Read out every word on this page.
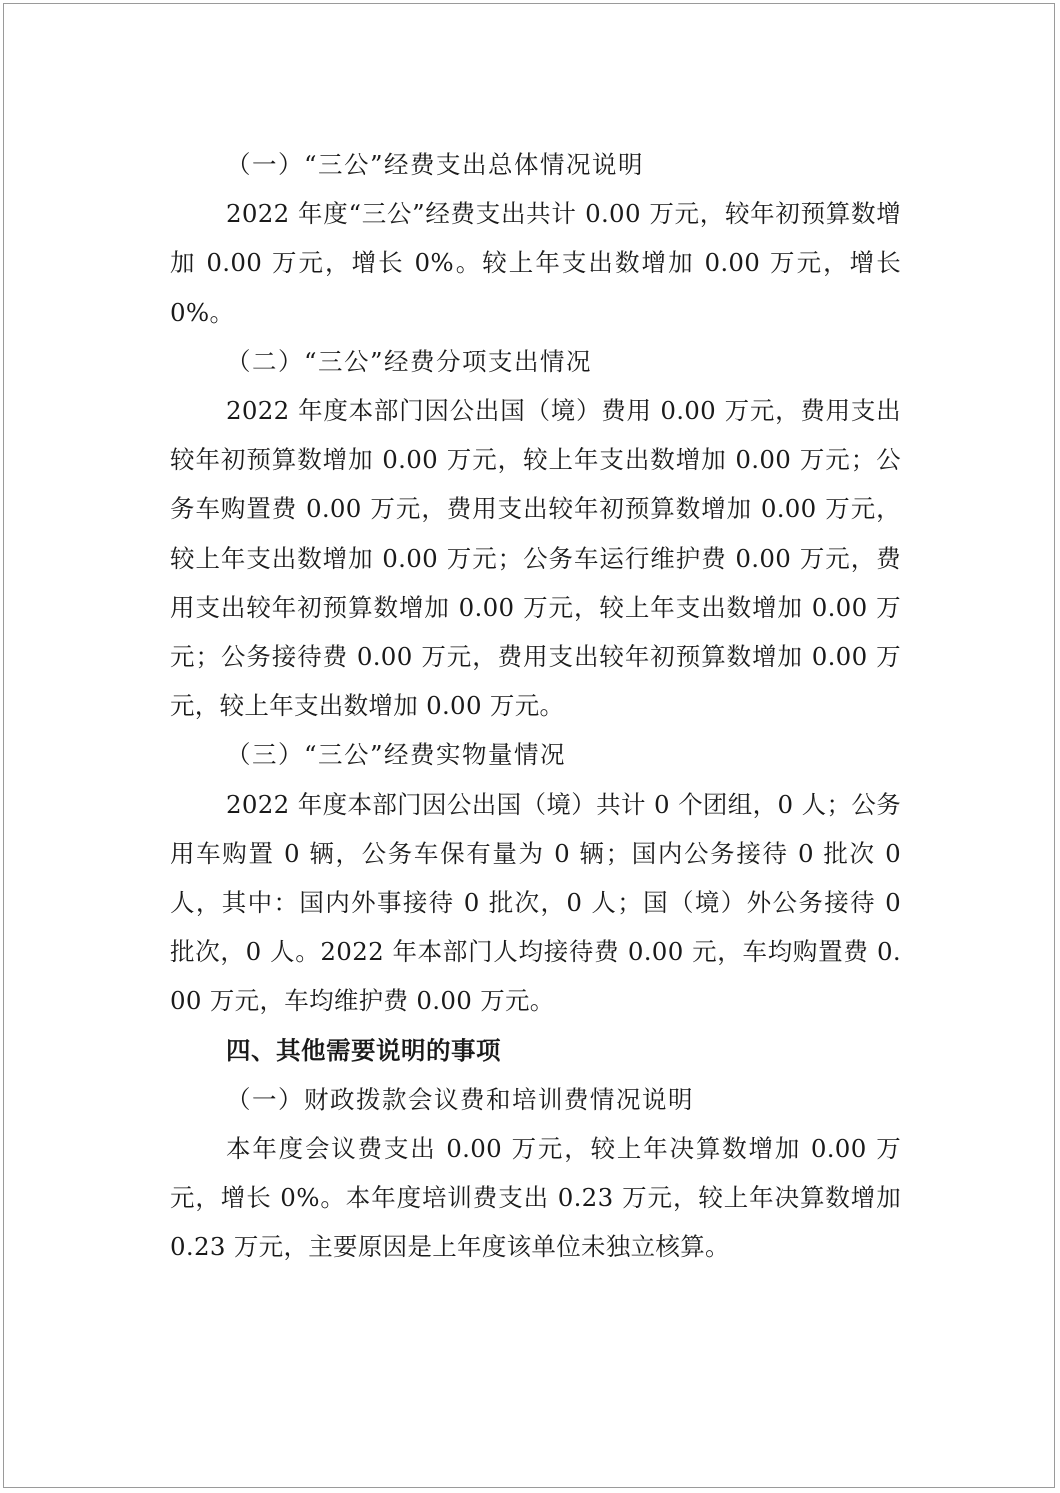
（一）“三公”经费支出总体情况说明

2022 年度“三公”经费支出共计 0.00 万元，较年初预算数增加 0.00 万元，增长 0%。较上年支出数增加 0.00 万元，增长 0%。

（二）“三公”经费分项支出情况

2022 年度本部门因公出国（境）费用 0.00 万元，费用支出较年初预算数增加 0.00 万元，较上年支出数增加 0.00 万元；公务车购置费 0.00 万元，费用支出较年初预算数增加 0.00 万元，较上年支出数增加 0.00 万元；公务车运行维护费 0.00 万元，费用支出较年初预算数增加 0.00 万元，较上年支出数增加 0.00 万元；公务接待费 0.00 万元，费用支出较年初预算数增加 0.00 万元，较上年支出数增加 0.00 万元。

（三）“三公”经费实物量情况

2022 年度本部门因公出国（境）共计 0 个团组，0 人；公务用车购置 0 辆，公务车保有量为 0 辆；国内公务接待 0 批次 0 人，其中：国内外事接待 0 批次，0 人；国（境）外公务接待 0 批次，0 人。2022 年本部门人均接待费 0.00 元，车均购置费 0.00 万元，车均维护费 0.00 万元。

四、其他需要说明的事项

（一）财政拨款会议费和培训费情况说明

本年度会议费支出 0.00 万元，较上年决算数增加 0.00 万元，增长 0%。本年度培训费支出 0.23 万元，较上年决算数增加 0.23 万元，主要原因是上年度该单位未独立核算。
